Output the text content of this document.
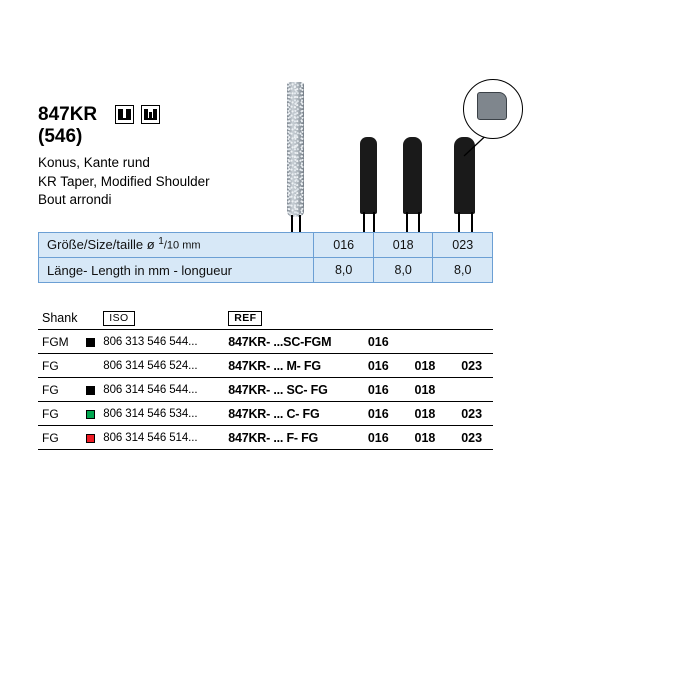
847KR
(546)
Konus, Kante rund
KR Taper, Modified Shoulder
Bout arrondi
Größe/Size/taille ø $^1$/10 mm	016	018	023
Länge- Length in mm - longueur	8,0	8,0	8,0
Shank		ISO	REF			
FGM		806 313 546 544...	847KR- ...SC-FGM	016		
FG		806 314 546 524...	847KR- ... M- FG	016	018	023
FG		806 314 546 544...	847KR- ... SC- FG	016	018	
FG		806 314 546 534...	847KR- ... C- FG	016	018	023
FG		806 314 546 514...	847KR- ... F- FG	016	018	023
